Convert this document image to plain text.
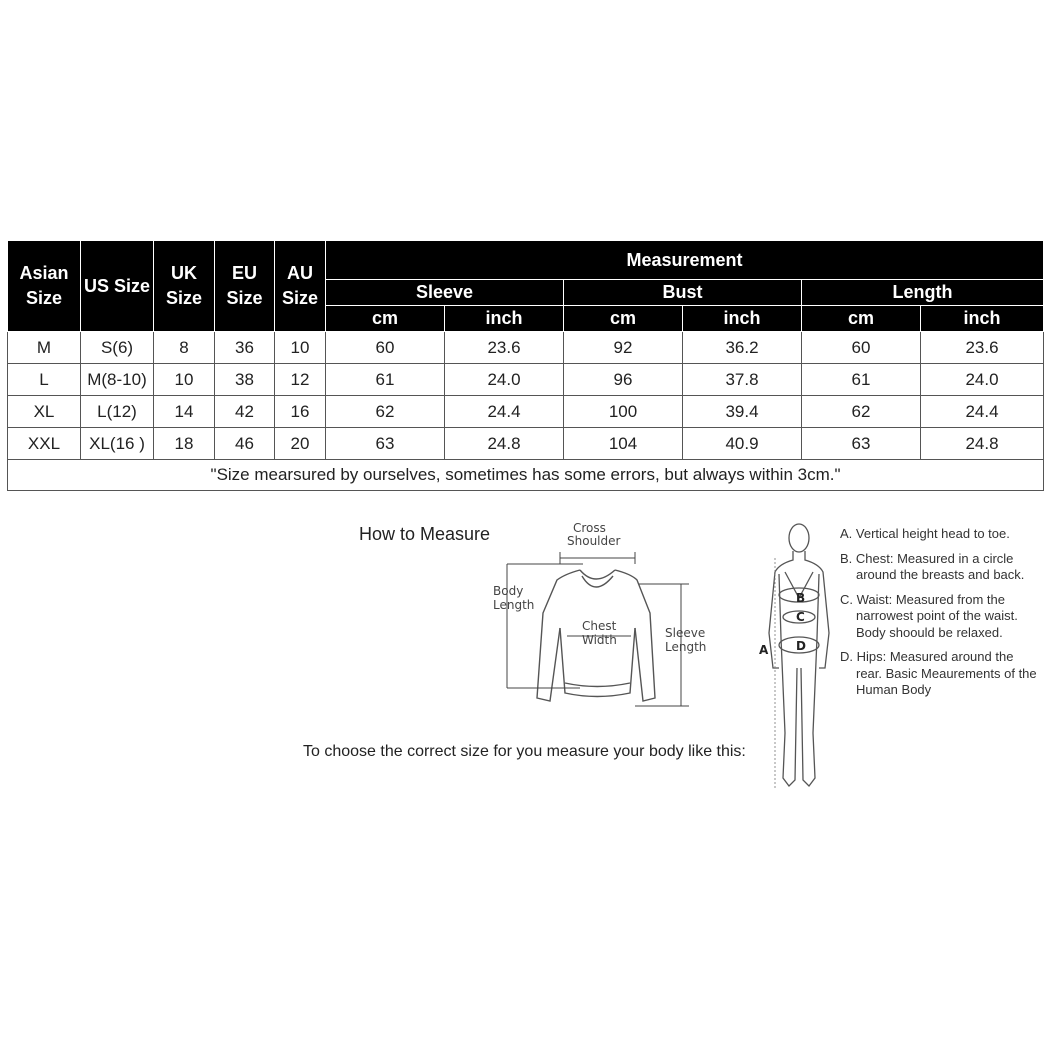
Asian Size	US Size	UK Size	EU Size	AU Size	Measurement					
					Sleeve		Bust		Length	
					cm	inch	cm	inch	cm	inch
M	S(6)	8	36	10	60	23.6	92	36.2	60	23.6
L	M(8-10)	10	38	12	61	24.0	96	37.8	61	24.0
XL	L(12)	14	42	16	62	24.4	100	39.4	62	24.4
XXL	XL(16 )	18	46	20	63	24.8	104	40.9	63	24.8
"Size mearsured by ourselves, sometimes has some errors, but always within 3cm."										
How to Measure
To choose the correct size for you measure your body like this:
Cross
Shoulder
Body
Length
Chest
Width	Sleeve
Length	A
B
C
D
A. Vertical height head to toe.
B. Chest: Measured in a circle around the breasts and back.
C. Waist: Measured from the narrowest point of the waist. Body shoould be relaxed.
D. Hips: Measured around the rear. Basic Meaurements of the Human Body
